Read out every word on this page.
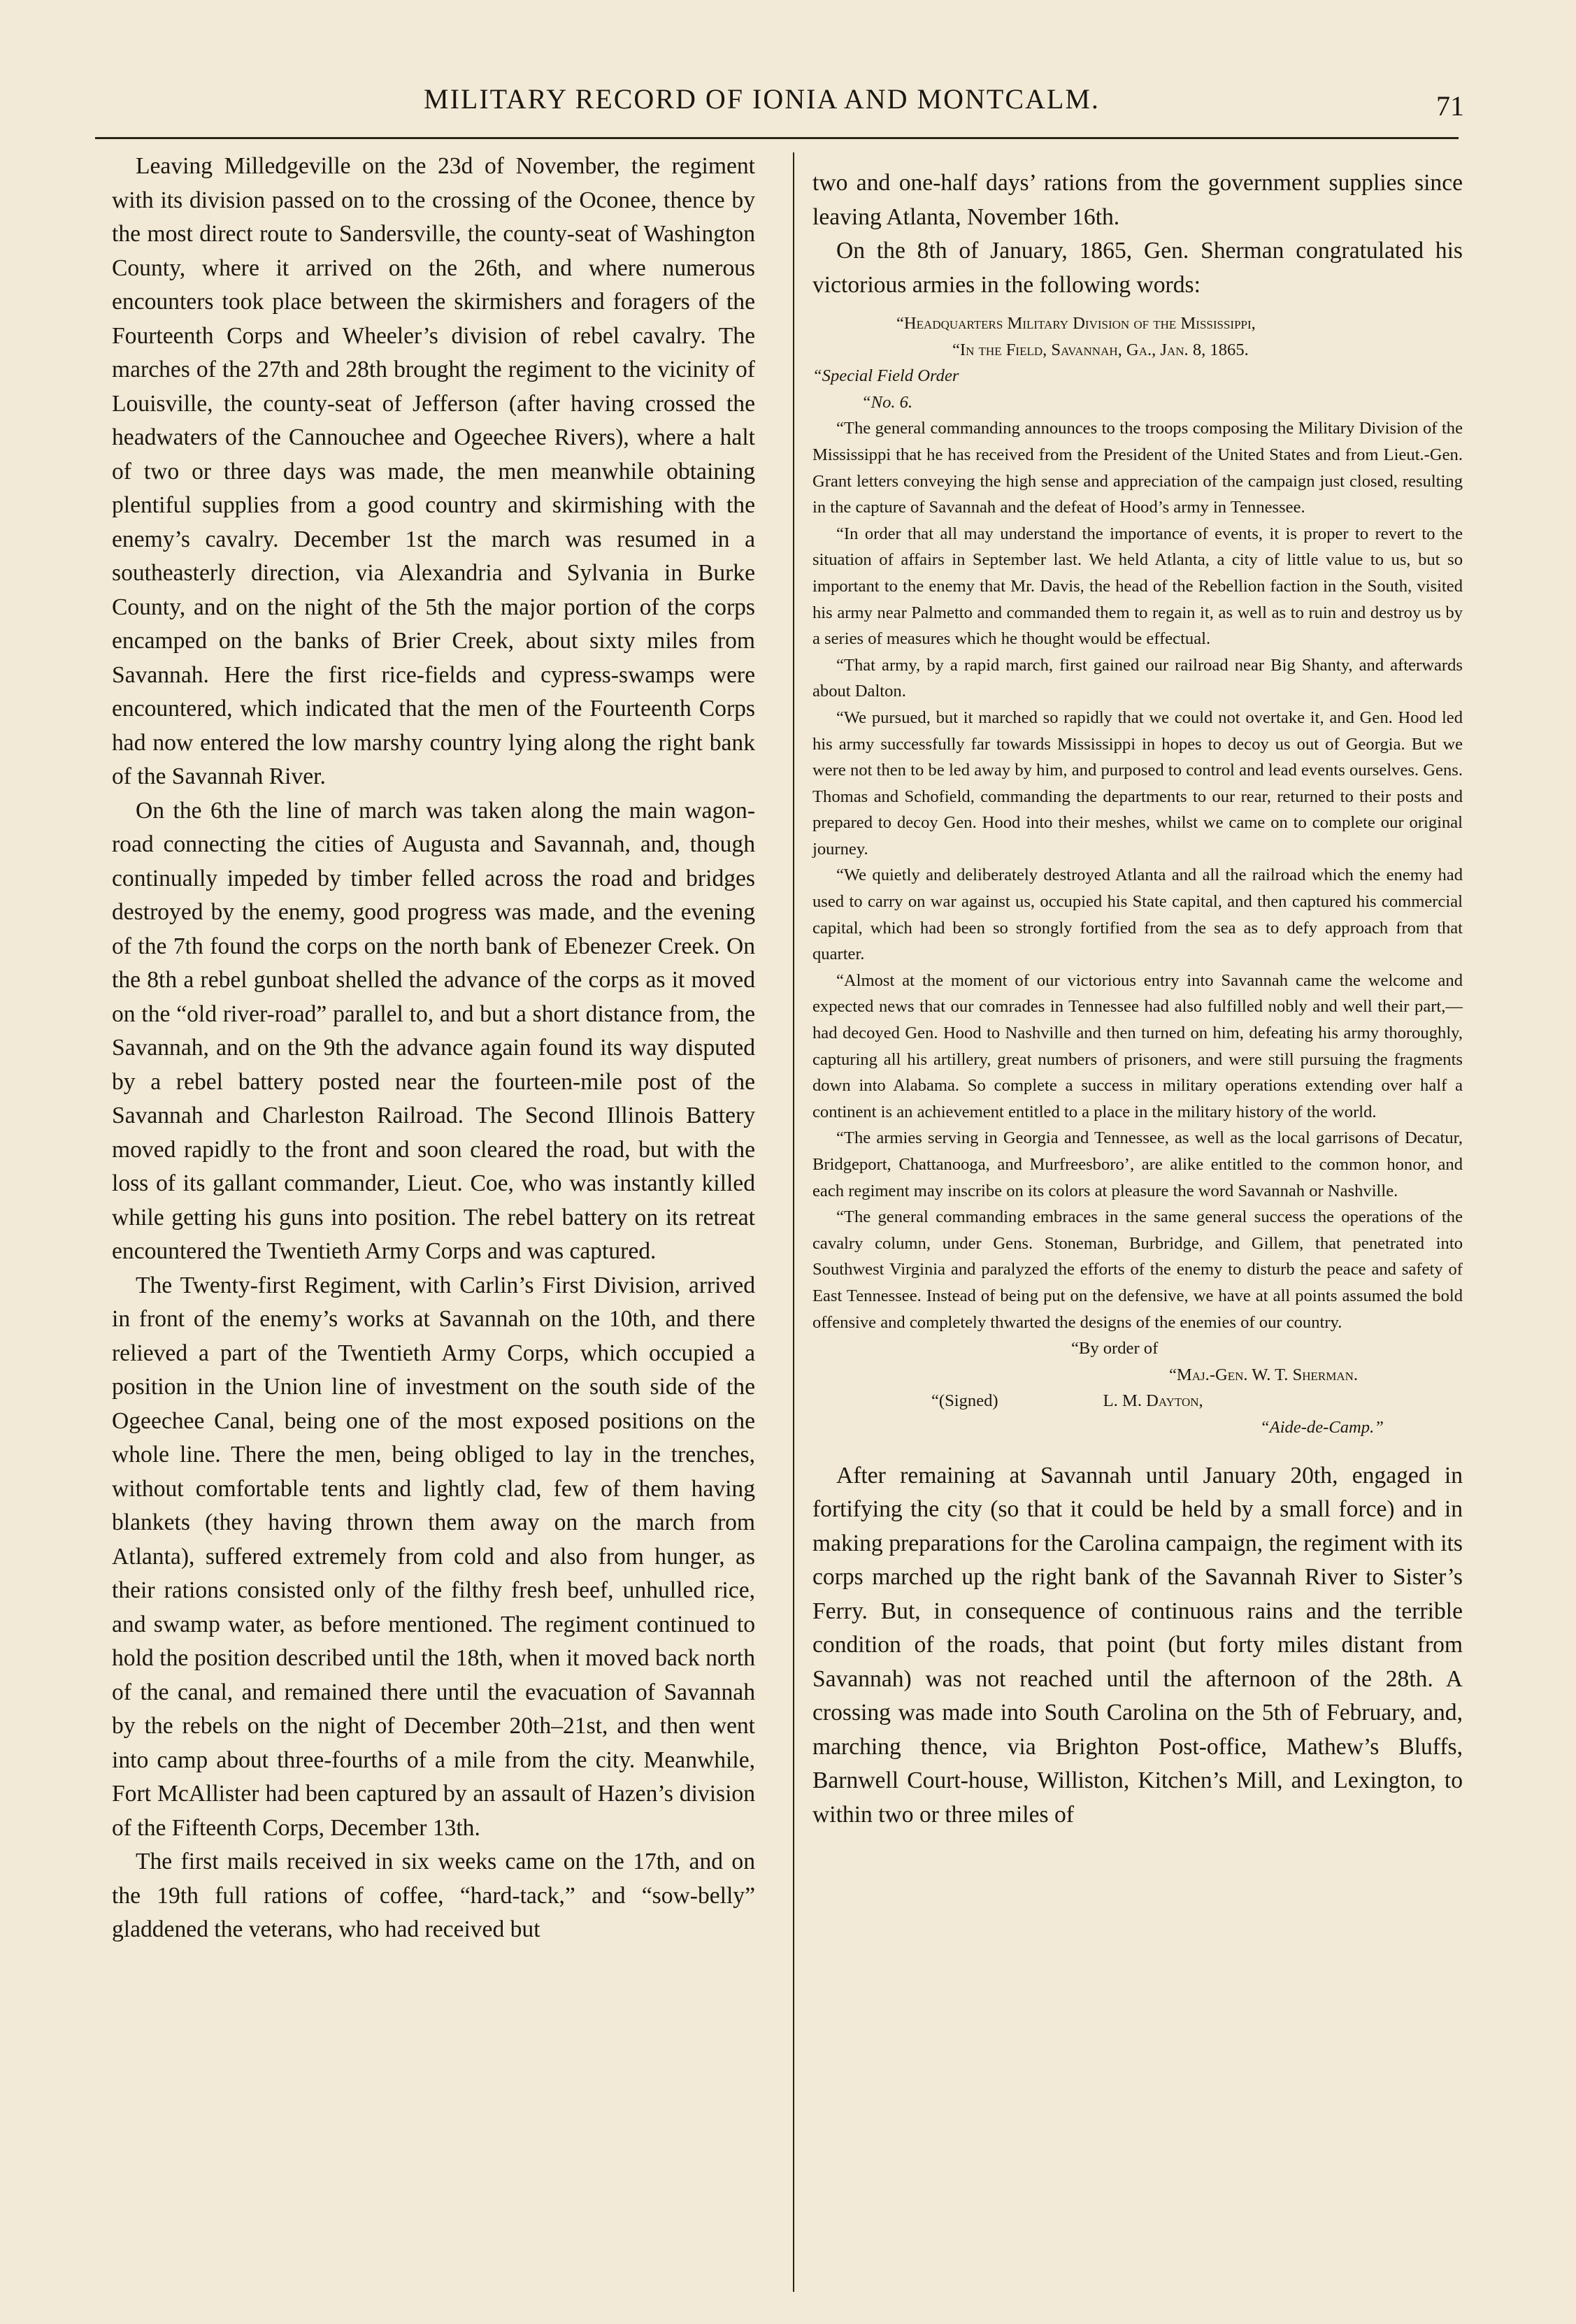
MILITARY RECORD OF IONIA AND MONTCALM.	71

Leaving Milledgeville on the 23d of November, the regiment with its division passed on to the crossing of the Oconee, thence by the most direct route to Sandersville, the county-seat of Washington County, where it arrived on the 26th, and where numerous encounters took place between the skirmishers and foragers of the Fourteenth Corps and Wheeler’s division of rebel cavalry. The marches of the 27th and 28th brought the regiment to the vicinity of Louisville, the county-seat of Jefferson (after having crossed the headwaters of the Cannouchee and Ogeechee Rivers), where a halt of two or three days was made, the men meanwhile obtaining plentiful supplies from a good country and skirmishing with the enemy’s cavalry. December 1st the march was resumed in a southeasterly direction, via Alexandria and Sylvania in Burke County, and on the night of the 5th the major portion of the corps encamped on the banks of Brier Creek, about sixty miles from Savannah. Here the first rice-fields and cypress-swamps were encountered, which indicated that the men of the Fourteenth Corps had now entered the low marshy country lying along the right bank of the Savannah River.

On the 6th the line of march was taken along the main wagon-road connecting the cities of Augusta and Savannah, and, though continually impeded by timber felled across the road and bridges destroyed by the enemy, good progress was made, and the evening of the 7th found the corps on the north bank of Ebenezer Creek. On the 8th a rebel gunboat shelled the advance of the corps as it moved on the “old river-road” parallel to, and but a short distance from, the Savannah, and on the 9th the advance again found its way disputed by a rebel battery posted near the fourteen-mile post of the Savannah and Charleston Railroad. The Second Illinois Battery moved rapidly to the front and soon cleared the road, but with the loss of its gallant commander, Lieut. Coe, who was instantly killed while getting his guns into position. The rebel battery on its retreat encountered the Twentieth Army Corps and was captured.

The Twenty-first Regiment, with Carlin’s First Division, arrived in front of the enemy’s works at Savannah on the 10th, and there relieved a part of the Twentieth Army Corps, which occupied a position in the Union line of investment on the south side of the Ogeechee Canal, being one of the most exposed positions on the whole line. There the men, being obliged to lay in the trenches, without comfortable tents and lightly clad, few of them having blankets (they having thrown them away on the march from Atlanta), suffered extremely from cold and also from hunger, as their rations consisted only of the filthy fresh beef, unhulled rice, and swamp water, as before mentioned. The regiment continued to hold the position described until the 18th, when it moved back north of the canal, and remained there until the evacuation of Savannah by the rebels on the night of December 20th–21st, and then went into camp about three-fourths of a mile from the city. Meanwhile, Fort McAllister had been captured by an assault of Hazen’s division of the Fifteenth Corps, December 13th.

The first mails received in six weeks came on the 17th, and on the 19th full rations of coffee, “hard-tack,” and “sow-belly” gladdened the veterans, who had received but

two and one-half days’ rations from the government supplies since leaving Atlanta, November 16th.

On the 8th of January, 1865, Gen. Sherman congratulated his victorious armies in the following words:

“Headquarters Military Division of the Mississippi,

“In the Field, Savannah, Ga., Jan. 8, 1865.

“Special Field Order

“No. 6.

“The general commanding announces to the troops composing the Military Division of the Mississippi that he has received from the President of the United States and from Lieut.-Gen. Grant letters conveying the high sense and appreciation of the campaign just closed, resulting in the capture of Savannah and the defeat of Hood’s army in Tennessee.

“In order that all may understand the importance of events, it is proper to revert to the situation of affairs in September last. We held Atlanta, a city of little value to us, but so important to the enemy that Mr. Davis, the head of the Rebellion faction in the South, visited his army near Palmetto and commanded them to regain it, as well as to ruin and destroy us by a series of measures which he thought would be effectual.

“That army, by a rapid march, first gained our railroad near Big Shanty, and afterwards about Dalton.

“We pursued, but it marched so rapidly that we could not overtake it, and Gen. Hood led his army successfully far towards Mississippi in hopes to decoy us out of Georgia. But we were not then to be led away by him, and purposed to control and lead events ourselves. Gens. Thomas and Schofield, commanding the departments to our rear, returned to their posts and prepared to decoy Gen. Hood into their meshes, whilst we came on to complete our original journey.

“We quietly and deliberately destroyed Atlanta and all the railroad which the enemy had used to carry on war against us, occupied his State capital, and then captured his commercial capital, which had been so strongly fortified from the sea as to defy approach from that quarter.

“Almost at the moment of our victorious entry into Savannah came the welcome and expected news that our comrades in Tennessee had also fulfilled nobly and well their part,—had decoyed Gen. Hood to Nashville and then turned on him, defeating his army thoroughly, capturing all his artillery, great numbers of prisoners, and were still pursuing the fragments down into Alabama. So complete a success in military operations extending over half a continent is an achievement entitled to a place in the military history of the world.

“The armies serving in Georgia and Tennessee, as well as the local garrisons of Decatur, Bridgeport, Chattanooga, and Murfreesboro’, are alike entitled to the common honor, and each regiment may inscribe on its colors at pleasure the word Savannah or Nashville.

“The general commanding embraces in the same general success the operations of the cavalry column, under Gens. Stoneman, Burbridge, and Gillem, that penetrated into Southwest Virginia and paralyzed the efforts of the enemy to disturb the peace and safety of East Tennessee. Instead of being put on the defensive, we have at all points assumed the bold offensive and completely thwarted the designs of the enemies of our country.

“By order of

“Maj.-Gen. W. T. Sherman.

“(Signed)	L. M. Dayton,

“Aide-de-Camp.”

After remaining at Savannah until January 20th, engaged in fortifying the city (so that it could be held by a small force) and in making preparations for the Carolina campaign, the regiment with its corps marched up the right bank of the Savannah River to Sister’s Ferry. But, in consequence of continuous rains and the terrible condition of the roads, that point (but forty miles distant from Savannah) was not reached until the afternoon of the 28th. A crossing was made into South Carolina on the 5th of February, and, marching thence, via Brighton Post-office, Mathew’s Bluffs, Barnwell Court-house, Williston, Kitchen’s Mill, and Lexington, to within two or three miles of
